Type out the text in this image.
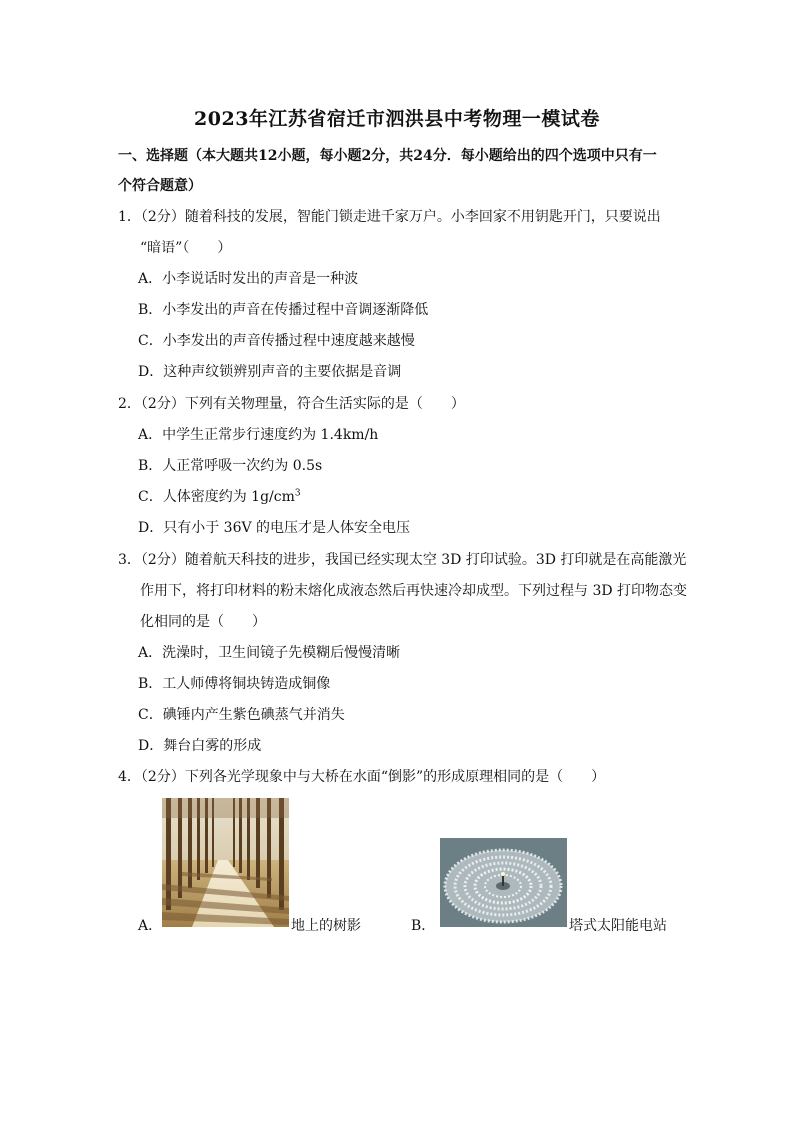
2023年江苏省宿迁市泗洪县中考物理一模试卷
一、选择题（本大题共12小题，每小题2分，共24分．每小题给出的四个选项中只有一
个符合题意）
1．（2分）随着科技的发展，智能门锁走进千家万户。小李回家不用钥匙开门，只要说出
“暗语”（　　）
A．小李说话时发出的声音是一种波
B．小李发出的声音在传播过程中音调逐渐降低
C．小李发出的声音传播过程中速度越来越慢
D．这种声纹锁辨别声音的主要依据是音调
2．（2分）下列有关物理量，符合生活实际的是（　　）
A．中学生正常步行速度约为 1.4km/h
B．人正常呼吸一次约为 0.5s
C．人体密度约为 $1g/cm^3$
D．只有小于 36V 的电压才是人体安全电压
3．（2分）随着航天科技的进步，我国已经实现太空 3D 打印试验。3D 打印就是在高能激光
作用下，将打印材料的粉末熔化成液态然后再快速冷却成型。下列过程与 3D 打印物态变
化相同的是（　　）
A．洗澡时，卫生间镜子先模糊后慢慢清晰
B．工人师傅将铜块铸造成铜像
C．碘锤内产生紫色碘蒸气并消失
D．舞台白雾的形成
4．（2分）下列各光学现象中与大桥在水面“倒影”的形成原理相同的是（　　）
A．	地上的树影	B．	塔式太阳能电站
